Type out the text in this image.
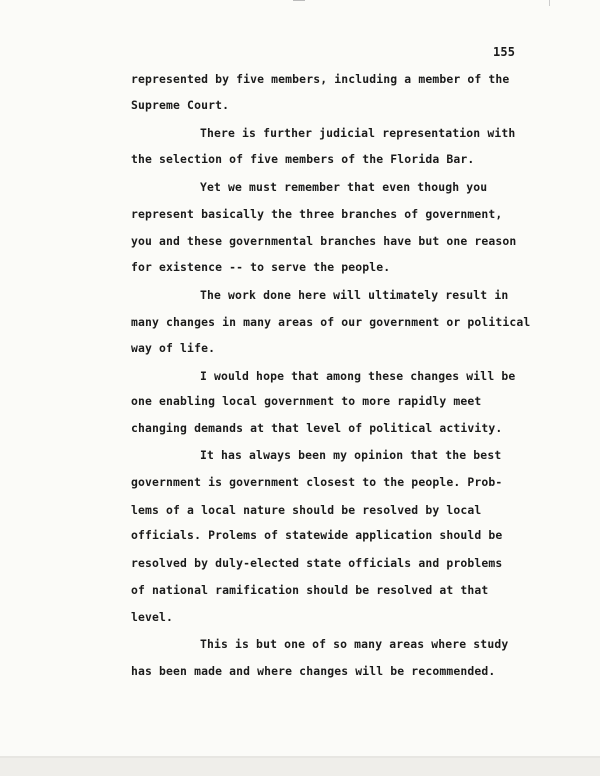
155
represented by five members, including a member of the
Supreme Court.
There is further judicial representation with
the selection of five members of the Florida Bar.
Yet we must remember that even though you
represent basically the three branches of government,
you and these governmental branches have but one reason
for existence -- to serve the people.
The work done here will ultimately result in
many changes in many areas of our government or political
way of life.
I would hope that among these changes will be
one enabling local government to more rapidly meet
changing demands at that level of political activity.
It has always been my opinion that the best
government is government closest to the people. Prob-
lems of a local nature should be resolved by local
officials. Prolems of statewide application should be
resolved by duly-elected state officials and problems
of national ramification should be resolved at that
level.
This is but one of so many areas where study
has been made and where changes will be recommended.
